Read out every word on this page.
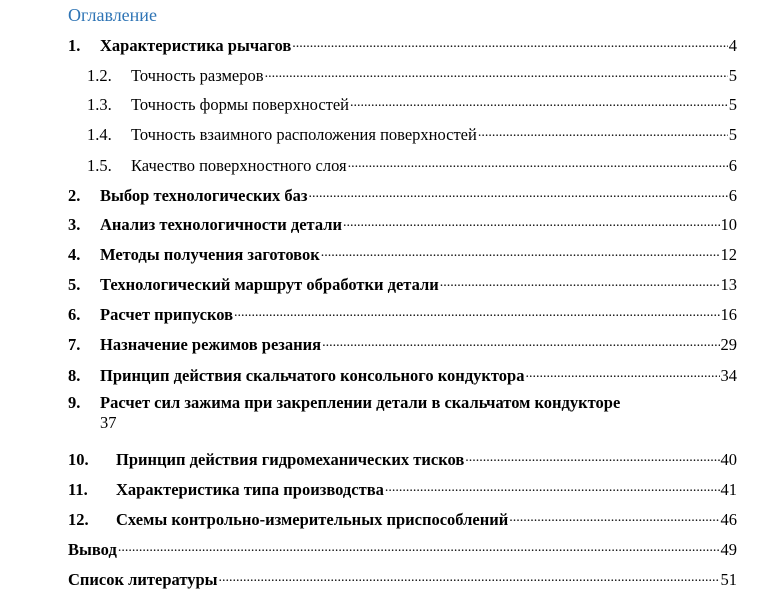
Оглавление
1.	Характеристика рычагов .....	4
1.2.	Точность размеров .....	5
1.3.	Точность формы поверхностей .....	5
1.4.	Точность взаимного расположения поверхностей .....	5
1.5.	Качество поверхностного слоя .....	6
2.	Выбор технологических баз .....	6
3.	Анализ технологичности детали .....	10
4.	Методы получения заготовок .....	12
5.	Технологический маршрут обработки детали .....	13
6.	Расчет припусков .....	16
7.	Назначение режимов резания .....	29
8.	Принцип действия скальчатого консольного кондуктора .....	34
9. Расчет сил зажима при закреплении детали в скальчатом кондукторе
37
10.	Принцип действия гидромеханических тисков .....	40
11.	Характеристика типа производства .....	41
12.	Схемы контрольно-измерительных приспособлений .....	46
Вывод .....	49
Список литературы .....	51
